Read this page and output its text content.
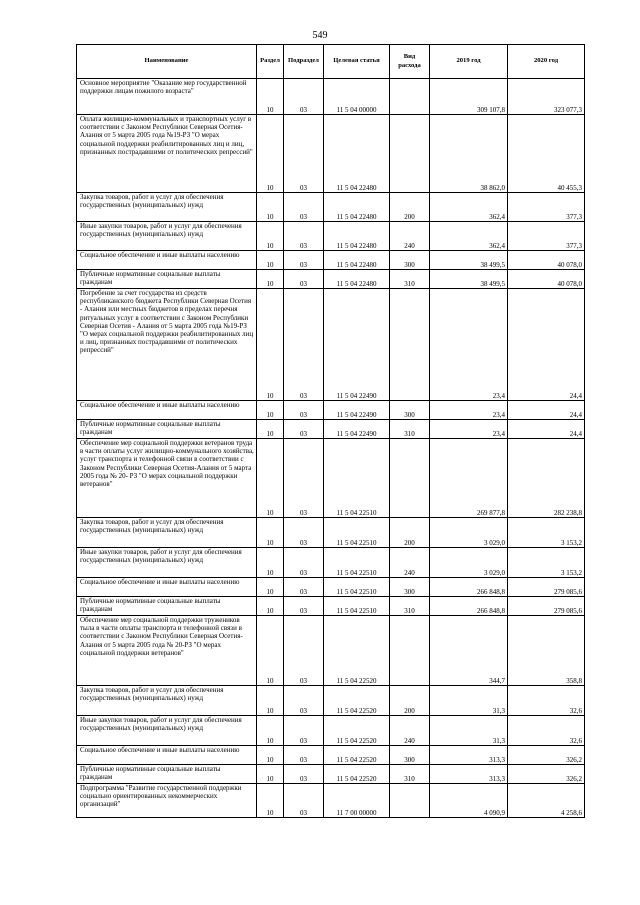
549
Наименование	Раздел	Подраздел	Целевая статья	Вид расхода	2019 год	2020 год
Основное мероприятие "Оказание мер государственной поддержки лицам пожилого возраста"	10	03	11 5 04 00000		309 107,8	323 077,3
Оплата жилищно-коммунальных и транспортных услуг в соответствии с Законом Республики Северная Осетия-Алания от 5 марта 2005 года №19-РЗ "О мерах социальной поддержки реабилитированных лиц и лиц, признанных пострадавшими от политических репрессий"	10	03	11 5 04 22480		38 862,0	40 455,3
Закупка товаров, работ и услуг для обеспечения государственных (муниципальных) нужд	10	03	11 5 04 22480	200	362,4	377,3
Иные закупки товаров, работ и услуг для обеспечения государственных (муниципальных) нужд	10	03	11 5 04 22480	240	362,4	377,3
Социальное обеспечение и иные выплаты населению	10	03	11 5 04 22480	300	38 499,5	40 078,0
Публичные нормативные социальные выплаты гражданам	10	03	11 5 04 22480	310	38 499,5	40 078,0
Погребение за счет государства из средств республиканского бюджета Республики Северная Осетия - Алания или местных бюджетов в пределах перечня ритуальных услуг в соответствии с Законом Республики Северная Осетия - Алания от 5 марта 2005 года №19-РЗ "О мерах социальной поддержки реабилитированных лиц и лиц, признанных пострадавшими от политических репрессий"	10	03	11 5 04 22490		23,4	24,4
Социальное обеспечение и иные выплаты населению	10	03	11 5 04 22490	300	23,4	24,4
Публичные нормативные социальные выплаты гражданам	10	03	11 5 04 22490	310	23,4	24,4
Обеспечение мер социальной поддержки ветеранов труда в части оплаты услуг жилищно-коммунального хозяйства, услуг транспорта и телефонной связи в соответствии с Законом Республики Северная Осетия-Алания от 5 марта 2005 года № 20- РЗ "О мерах социальной поддержки ветеранов"	10	03	11 5 04 22510		269 877,8	282 238,8
Закупка товаров, работ и услуг для обеспечения государственных (муниципальных) нужд	10	03	11 5 04 22510	200	3 029,0	3 153,2
Иные закупки товаров, работ и услуг для обеспечения государственных (муниципальных) нужд	10	03	11 5 04 22510	240	3 029,0	3 153,2
Социальное обеспечение и иные выплаты населению	10	03	11 5 04 22510	300	266 848,8	279 085,6
Публичные нормативные социальные выплаты гражданам	10	03	11 5 04 22510	310	266 848,8	279 085,6
Обеспечение мер социальной поддержки тружеников тыла в части оплаты транспорта и телефонной связи в соответствии с Законом Республики Северная Осетия-Алания от 5 марта 2005 года № 20-РЗ "О мерах социальной поддержки ветеранов"	10	03	11 5 04 22520		344,7	358,8
Закупка товаров, работ и услуг для обеспечения государственных (муниципальных) нужд	10	03	11 5 04 22520	200	31,3	32,6
Иные закупки товаров, работ и услуг для обеспечения государственных (муниципальных) нужд	10	03	11 5 04 22520	240	31,3	32,6
Социальное обеспечение и иные выплаты населению	10	03	11 5 04 22520	300	313,3	326,2
Публичные нормативные социальные выплаты гражданам	10	03	11 5 04 22520	310	313,3	326,2
Подпрограмма "Развитие государственной поддержки социально ориентированных некоммерческих организаций"	10	03	11 7 00 00000		4 090,9	4 258,6
